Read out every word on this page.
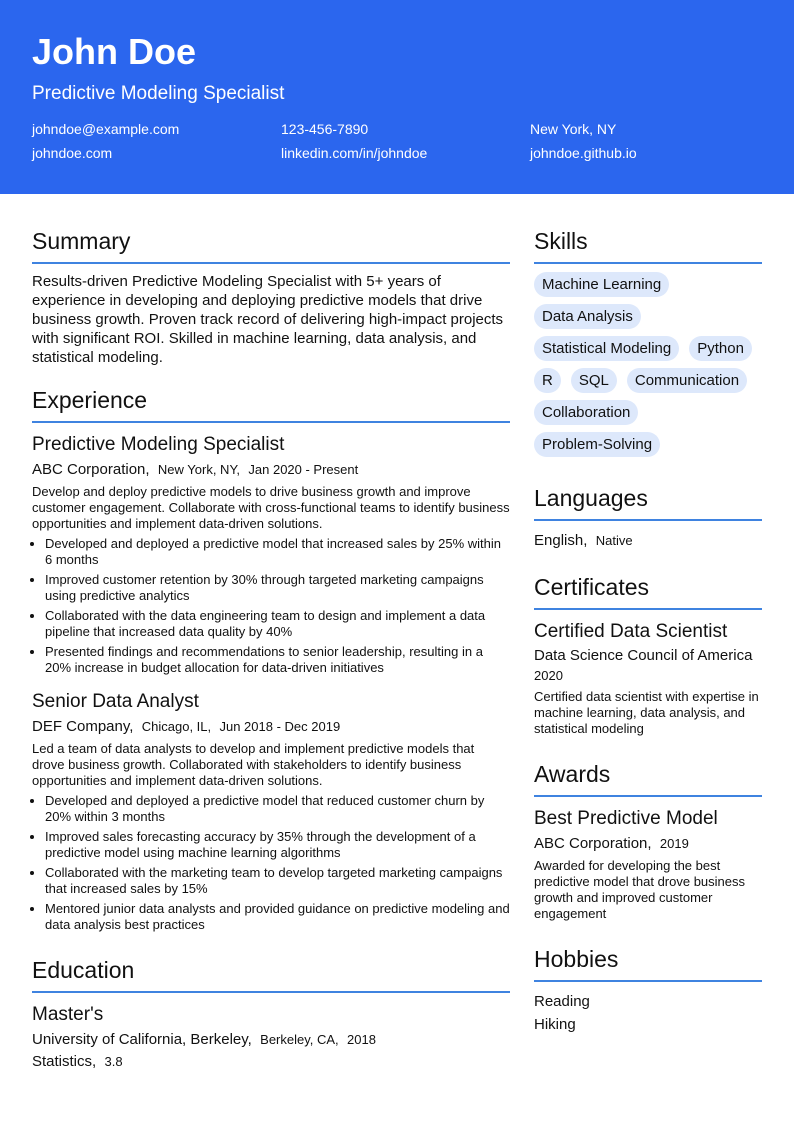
John Doe
Predictive Modeling Specialist
johndoe@example.com	123-456-7890	New York, NY
johndoe.com	linkedin.com/in/johndoe	johndoe.github.io
Summary
Results-driven Predictive Modeling Specialist with 5+ years of experience in developing and deploying predictive models that drive business growth. Proven track record of delivering high-impact projects with significant ROI. Skilled in machine learning, data analysis, and statistical modeling.
Experience
Predictive Modeling Specialist
ABC Corporation, New York, NY, Jan 2020 - Present
Develop and deploy predictive models to drive business growth and improve customer engagement. Collaborate with cross-functional teams to identify business opportunities and implement data-driven solutions.
• Developed and deployed a predictive model that increased sales by 25% within 6 months
• Improved customer retention by 30% through targeted marketing campaigns using predictive analytics
• Collaborated with the data engineering team to design and implement a data pipeline that increased data quality by 40%
• Presented findings and recommendations to senior leadership, resulting in a 20% increase in budget allocation for data-driven initiatives
Senior Data Analyst
DEF Company, Chicago, IL, Jun 2018 - Dec 2019
Led a team of data analysts to develop and implement predictive models that drove business growth. Collaborated with stakeholders to identify business opportunities and implement data-driven solutions.
• Developed and deployed a predictive model that reduced customer churn by 20% within 3 months
• Improved sales forecasting accuracy by 35% through the development of a predictive model using machine learning algorithms
• Collaborated with the marketing team to develop targeted marketing campaigns that increased sales by 15%
• Mentored junior data analysts and provided guidance on predictive modeling and data analysis best practices
Education
Master's
University of California, Berkeley, Berkeley, CA, 2018
Statistics, 3.8
Skills
Machine Learning
Data Analysis
Statistical Modeling	Python
R	SQL	Communication
Collaboration
Problem-Solving
Languages
English, Native
Certificates
Certified Data Scientist
Data Science Council of America
2020
Certified data scientist with expertise in machine learning, data analysis, and statistical modeling
Awards
Best Predictive Model
ABC Corporation, 2019
Awarded for developing the best predictive model that drove business growth and improved customer engagement
Hobbies
Reading
Hiking
